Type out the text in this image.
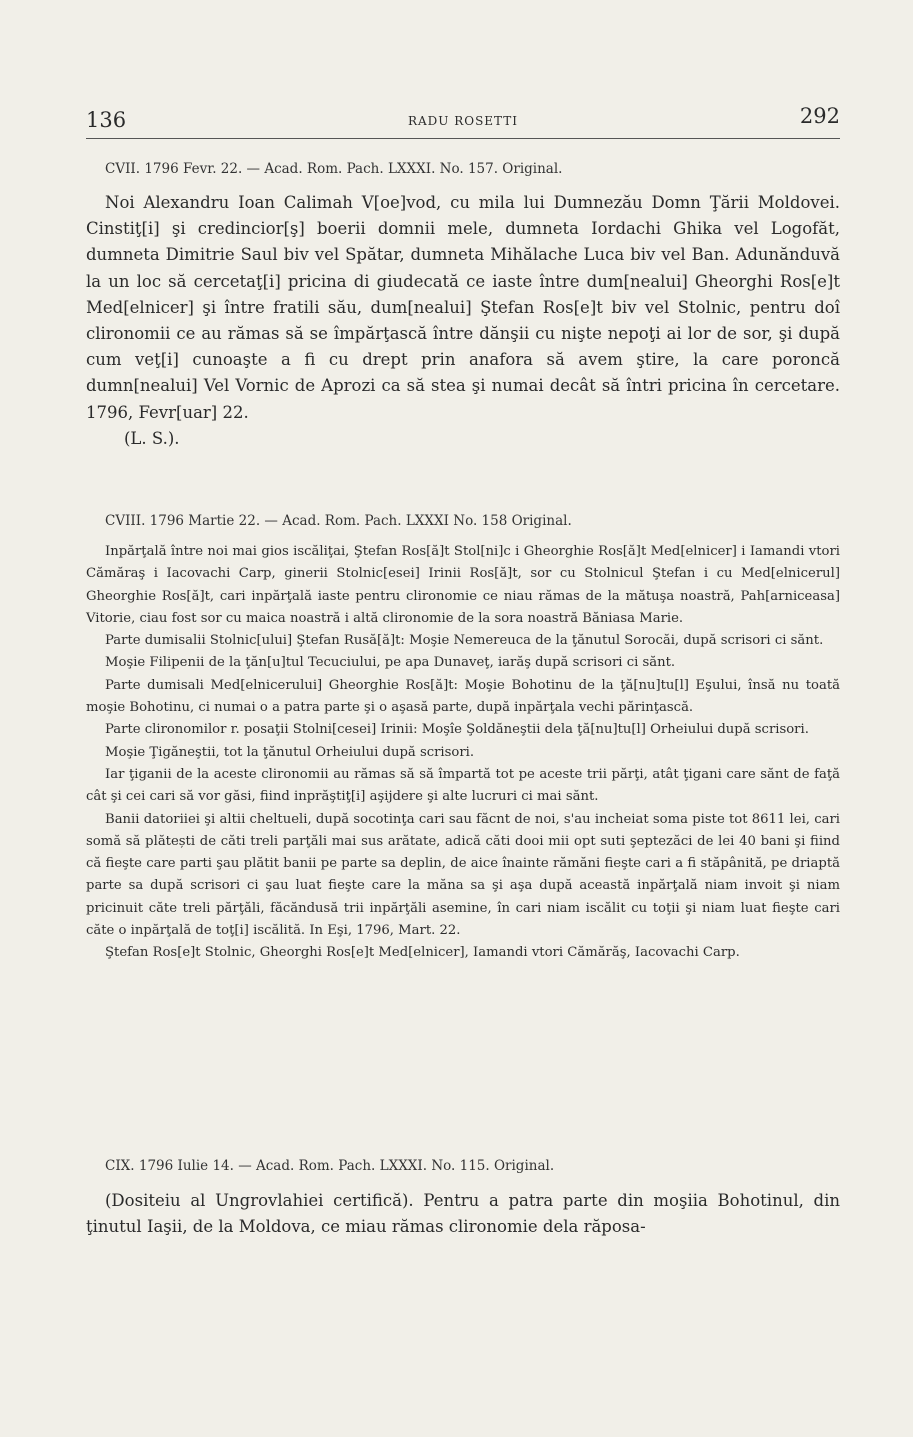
136	RADU ROSETTI	292
CVII. 1796 Fevr. 22. — Acad. Rom. Pach. LXXXI. No. 157. Original.

Noi Alexandru Ioan Calimah V[oe]vod, cu mila lui Dumnezău Domn Ţării Moldovei. Cinstiţ[i] şi credincior[ş] boerii domnii mele, dumneta Iordachi Ghika vel Logofăt, dumneta Dimitrie Saul biv vel Spătar, dumneta Mihălache Luca biv vel Ban. Adunănduvă la un loc să cercetaţ[i] pricina di giudecată ce iaste între dum[nealui] Gheorghi Ros[e]t Med[elnicer] şi între fratili său, dum[nealui] Ştefan Ros[e]t biv vel Stolnic, pentru doî clironomii ce au rămas să se împărţască între dănşii cu nişte nepoţi ai lor de sor, şi după cum veţ[i] cunoaşte a fi cu drept prin anafora să avem ştire, la care poroncă dumn[nealui] Vel Vornic de Aprozi ca să stea şi numai decât să întri pricina în cercetare. 1796, Fevr[uar] 22.

(L. S.).

CVIII. 1796 Martie 22. — Acad. Rom. Pach. LXXXI No. 158 Original.

Inpărţală între noi mai gios iscăliţai, Ştefan Ros[ă]t Stol[ni]c i Gheorghie Ros[ă]t Med[elnicer] i Iamandi vtori Cămăraş i Iacovachi Carp, ginerii Stolnic[esei] Irinii Ros[ă]t, sor cu Stolnicul Ştefan i cu Med[elnicerul] Gheorghie Ros[ă]t, cari inpărţală iaste pentru clironomie ce niau rămas de la mătuşa noastră, Pah[arniceasa] Vitorie, ciau fost sor cu maica noastră i altă clironomie de la sora noastră Băniasa Marie.

Parte dumisalii Stolnic[ului] Ştefan Rusă[ă]t: Moşie Nemereuca de la ţănutul Sorocăi, după scrisori ci sănt.

Moşie Filipenii de la ţăn[u]tul Tecuciului, pe apa Dunaveţ, iarăş după scrisori ci sănt.

Parte dumisali Med[elnicerului] Gheorghie Ros[ă]t: Moşie Bohotinu de la ţă[nu]tu[l] Eşului, însă nu toată moşie Bohotinu, ci numai o a patra parte şi o aşasă parte, după inpărţala vechi părinţască.

Parte clironomilor r. posaţii Stolni[cesei] Irinii: Moşîe Şoldăneştii dela ţă[nu]tu[l] Orheiului după scrisori.

Moşie Ţigăneştii, tot la ţănutul Orheiului după scrisori.

Iar ţiganii de la aceste clironomii au rămas să să împartă tot pe aceste trii părţi, atât ţigani care sănt de faţă cât şi cei cari să vor găsi, fiind inprăştiţ[i] aşijdere şi alte lucruri ci mai sănt.

Banii datoriiei şi altii cheltueli, după socotinţa cari sau făcnt de noi, s'au incheiat soma piste tot 8611 lei, cari somă să plătești de căti treli parţăli mai sus arătate, adică căti dooi mii opt suti şeptezăci de lei 40 bani şi fiind că fieşte care parti şau plătit banii pe parte sa deplin, de aice înainte rămăni fieşte cari a fi stăpânită, pe driaptă parte sa după scrisori ci şau luat fieşte care la măna sa şi aşa după această inpărţală niam invoit şi niam pricinuit căte treli părţăli, făcăndusă trii inpărţăli asemine, în cari niam iscălit cu toţii şi niam luat fieşte cari căte o inpărţală de toţ[i] iscălită. In Eşi, 1796, Mart. 22.

Ştefan Ros[e]t Stolnic, Gheorghi Ros[e]t Med[elnicer], Iamandi vtori Cămărăş, Iacovachi Carp.

CIX. 1796 Iulie 14. — Acad. Rom. Pach. LXXXI. No. 115. Original.

(Dositeiu al Ungrovlahiei certifică). Pentru a patra parte din moşiia Bohotinul, din ţinutul Iaşii, de la Moldova, ce miau rămas clironomie dela răposa-
